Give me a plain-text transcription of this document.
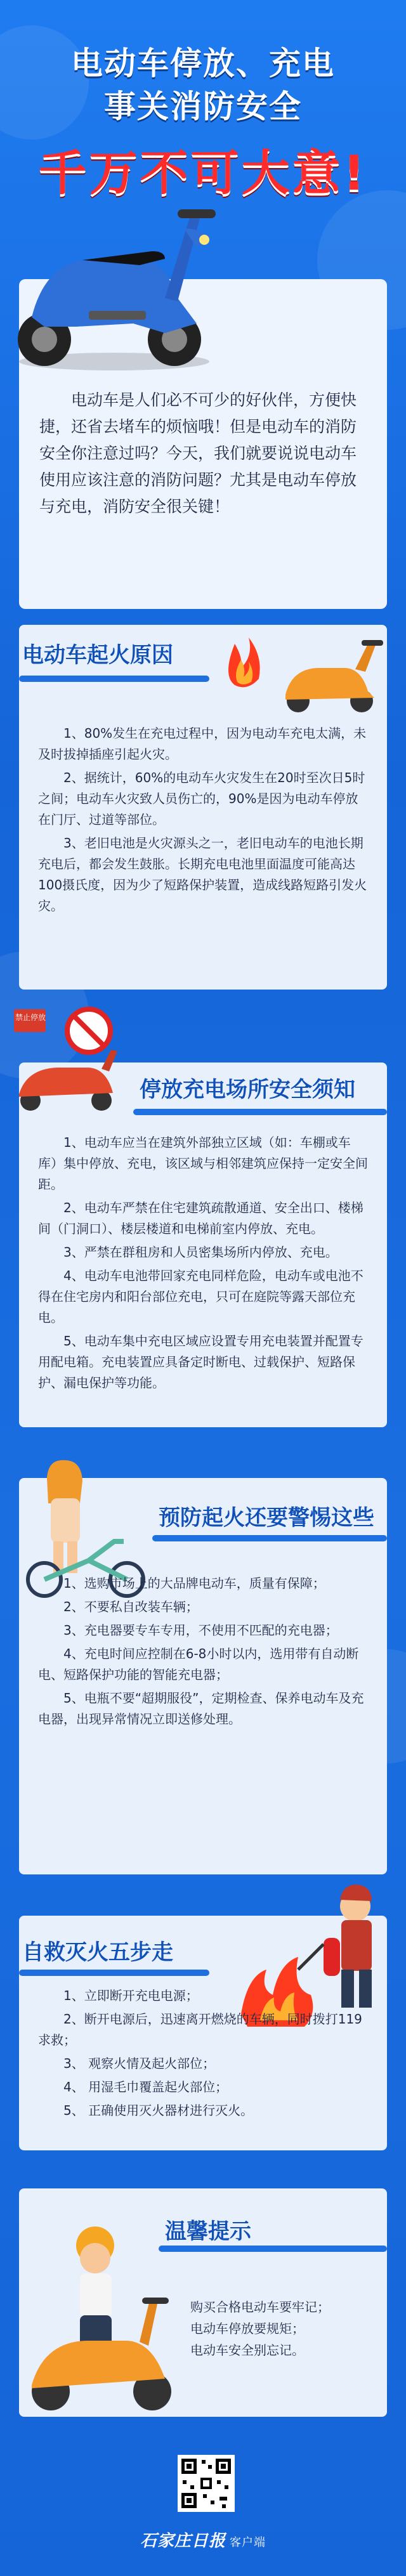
电动车停放、充电
事关消防安全
千万不可大意!
电动车是人们必不可少的好伙伴，方便快捷，还省去堵车的烦恼哦！但是电动车的消防安全你注意过吗？今天，我们就要说说电动车使用应该注意的消防问题？尤其是电动车停放与充电，消防安全很关键！
电动车起火原因

1、80%发生在充电过程中，因为电动车充电太满，未及时拔掉插座引起火灾。

2、据统计，60%的电动车火灾发生在20时至次日5时之间；电动车火灾致人员伤亡的，90%是因为电动车停放在门厅、过道等部位。

3、老旧电池是火灾源头之一，老旧电动车的电池长期充电后，都会发生鼓胀。长期充电电池里面温度可能高达100摄氏度，因为少了短路保护装置，造成线路短路引发火灾。

禁止停放
停放充电场所安全须知

1、电动车应当在建筑外部独立区域（如：车棚或车库）集中停放、充电，该区域与相邻建筑应保持一定安全间距。

2、电动车严禁在住宅建筑疏散通道、安全出口、楼梯间（门洞口）、楼层楼道和电梯前室内停放、充电。

3、严禁在群租房和人员密集场所内停放、充电。

4、电动车电池带回家充电同样危险，电动车或电池不得在住宅房内和阳台部位充电，只可在庭院等露天部位充电。

5、电动车集中充电区域应设置专用充电装置并配置专用配电箱。充电装置应具备定时断电、过载保护、短路保护、漏电保护等功能。

预防起火还要警惕这些

1、选购市场上的大品牌电动车，质量有保障；

2、不要私自改装车辆；

3、充电器要专车专用，不使用不匹配的充电器；

4、充电时间应控制在6-8小时以内，选用带有自动断电、短路保护功能的智能充电器；

5、电瓶不要“超期服役”，定期检查、保养电动车及充电器，出现异常情况立即送修处理。

自救灭火五步走

1、立即断开充电电源；

2、断开电源后，迅速离开燃烧的车辆，同时拨打119求救；

3、 观察火情及起火部位；

4、 用湿毛巾覆盖起火部位；

5、 正确使用灭火器材进行灭火。

温馨提示
购买合格电动车要牢记；
电动车停放要规矩；
电动车安全别忘记。
石家庄日报 客户端
